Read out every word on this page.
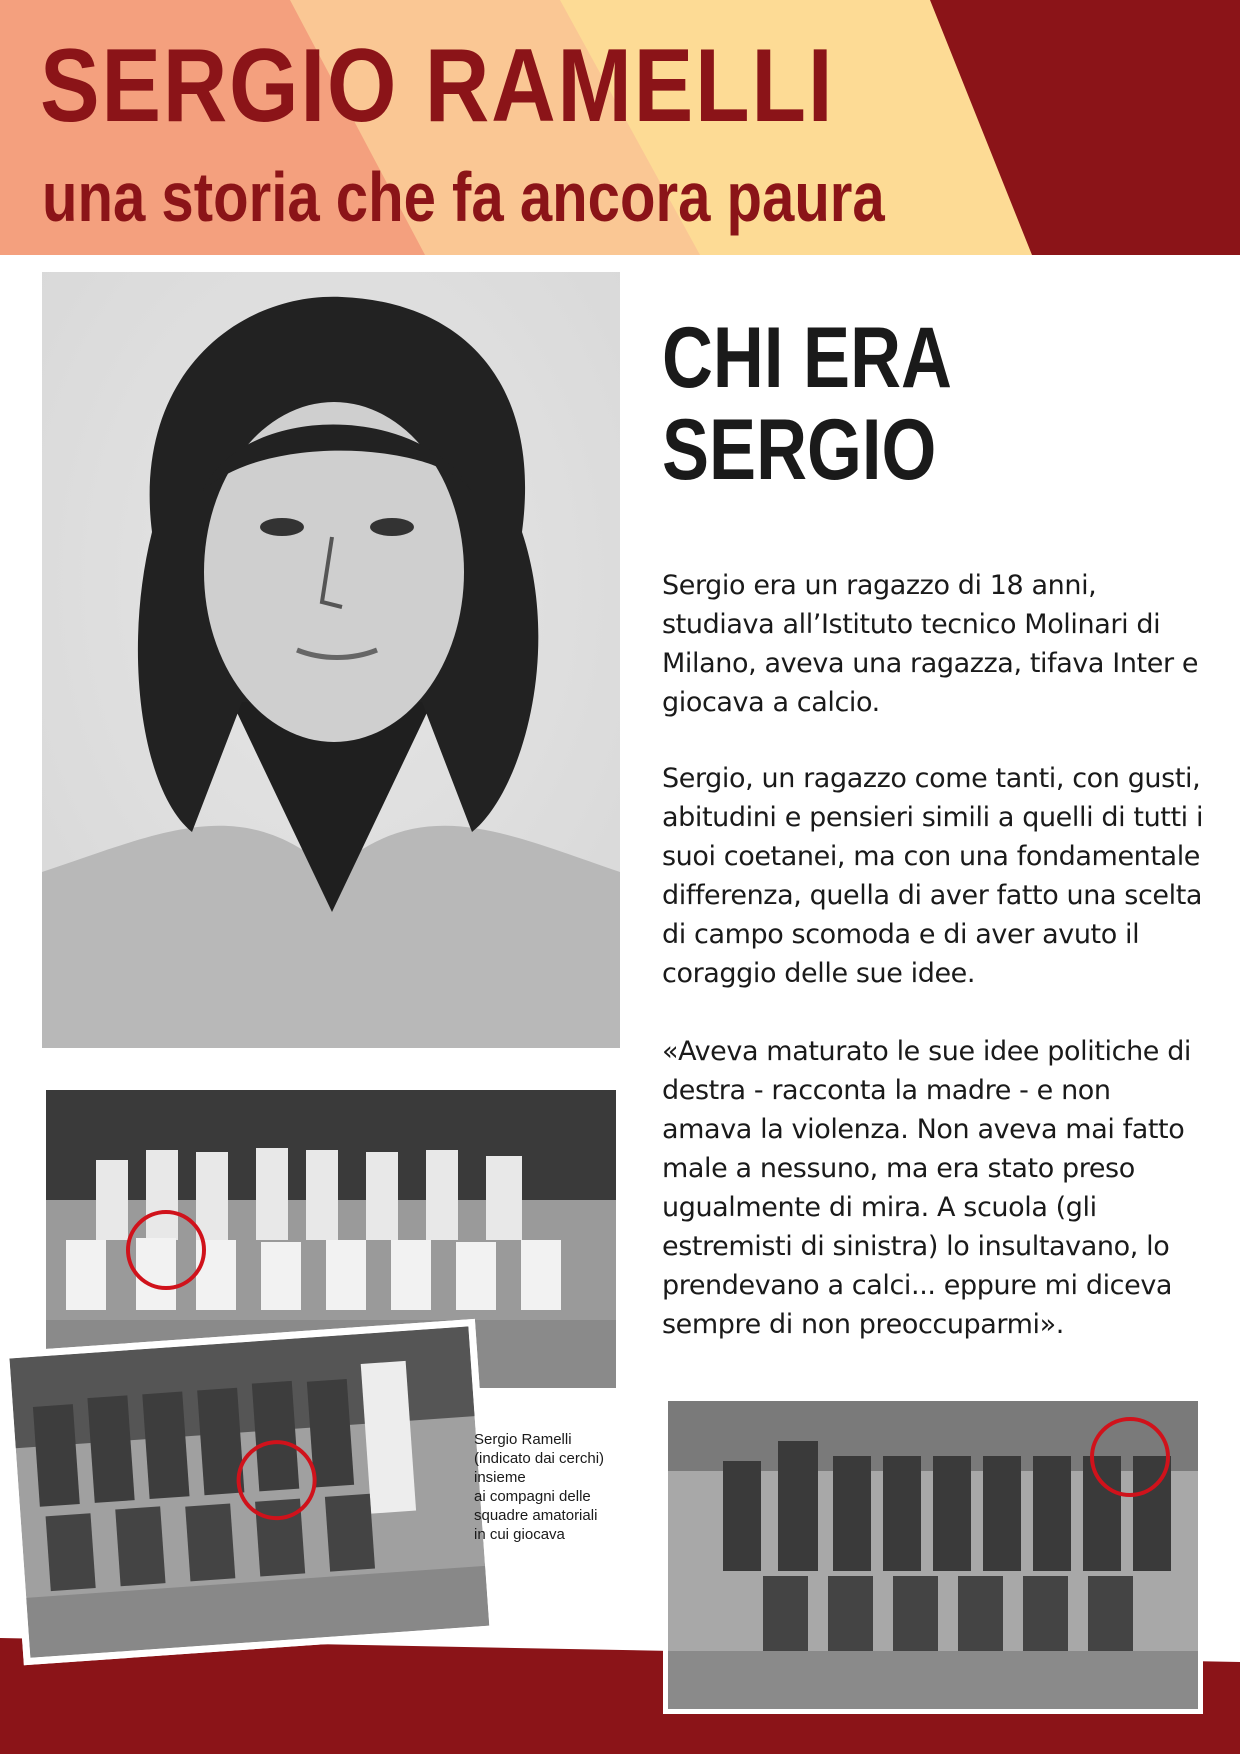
SERGIO RAMELLI
una storia che fa ancora paura
CHI ERA
SERGIO

Sergio era un ragazzo di 18 anni, studiava all’Istituto tecnico Molinari di Milano, aveva una ragazza, tifava Inter e giocava a calcio.

Sergio, un ragazzo come tanti, con gusti, abitudini e pensieri simili a quelli di tutti i suoi coetanei, ma con una fondamentale differenza, quella di aver fatto una scelta di campo scomoda e di aver avuto il coraggio delle sue idee.

«Aveva maturato le sue idee politiche di destra - racconta la madre - e non amava la violenza. Non aveva mai fatto male a nessuno, ma era stato preso ugualmente di mira. A scuola (gli estremisti di sinistra) lo insultavano, lo prendevano a calci... eppure mi diceva sempre di non preoccuparmi».

Sergio Ramelli
(indicato dai cerchi)
insieme
ai compagni delle
squadre amatoriali
in cui giocava
